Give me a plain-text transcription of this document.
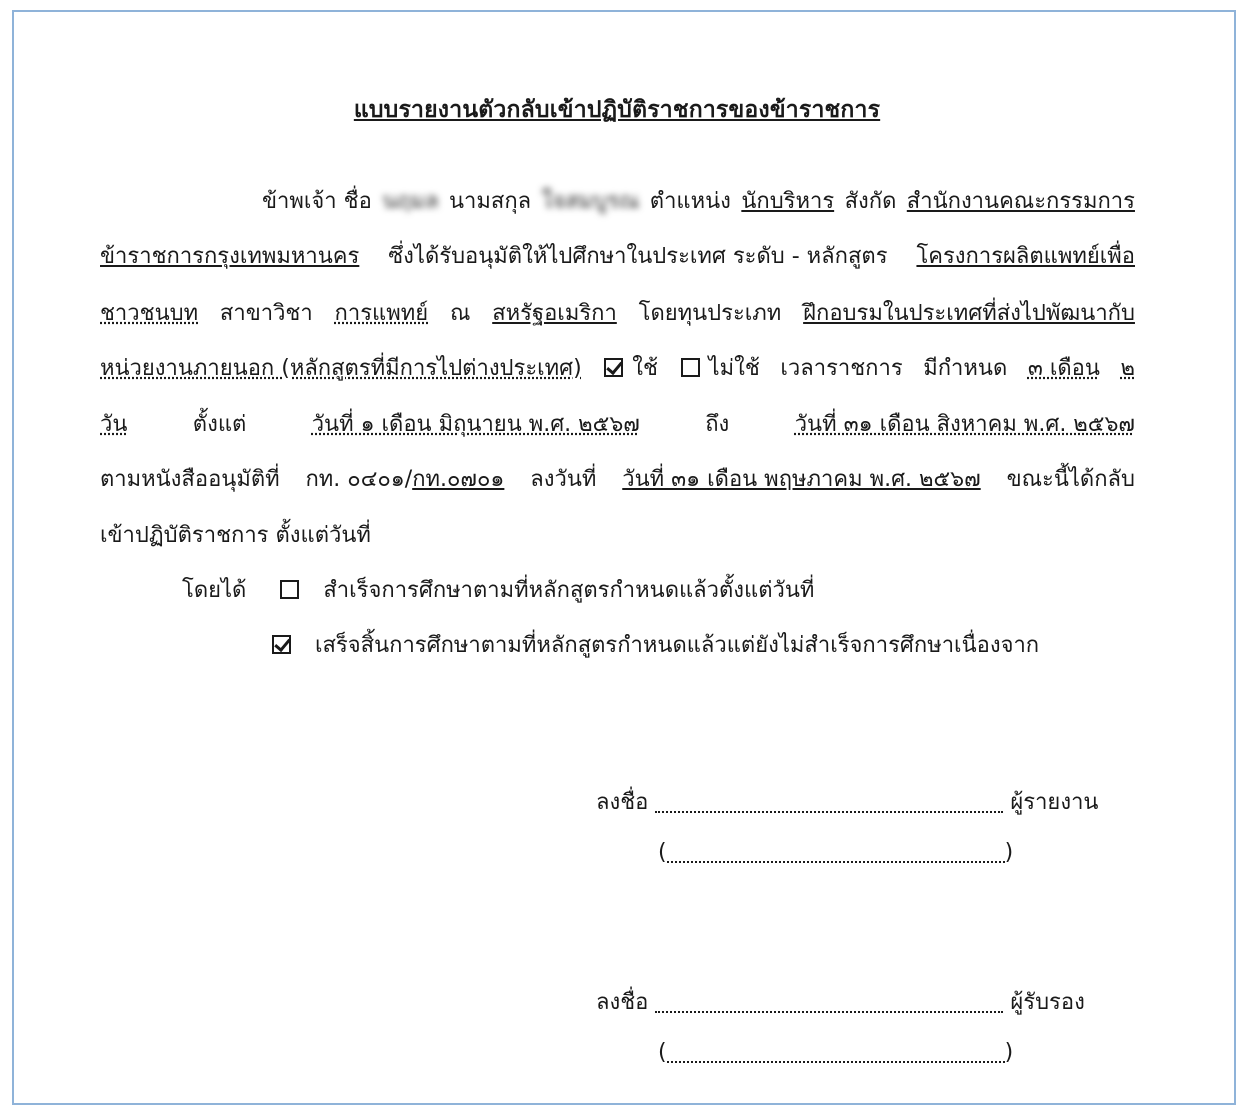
แบบรายงานตัวกลับเข้าปฏิบัติราชการของข้าราชการ
ข้าพเจ้า ชื่อ นฤมล นามสกุล ใจสมบูรณ ตำแหน่ง นักบริหาร สังกัด สำนักงานคณะกรรมการ
ข้าราชการกรุงเทพมหานคร ซึ่งได้รับอนุมัติให้ไปศึกษาในประเทศ ระดับ - หลักสูตร โครงการผลิตแพทย์เพื่อ
ชาวชนบท สาขาวิชา การแพทย์ ณ สหรัฐอเมริกา โดยทุนประเภท ฝึกอบรมในประเทศที่ส่งไปพัฒนากับ
หน่วยงานภายนอก (หลักสูตรที่มีการไปต่างประเทศ)	ใช้	ไม่ใช้ เวลาราชการ มีกำหนด ๓ เดือน ๒
วัน	ตั้งแต่	วันที่ ๑ เดือน มิถุนายน พ.ศ. ๒๕๖๗	ถึง	วันที่ ๓๑ เดือน สิงหาคม พ.ศ. ๒๕๖๗
ตามหนังสืออนุมัติที่ กท. ๐๔๐๑/กท.๐๗๐๑ ลงวันที่ วันที่ ๓๑ เดือน พฤษภาคม พ.ศ. ๒๕๖๗ ขณะนี้ได้กลับ
เข้าปฏิบัติราชการ ตั้งแต่วันที่
โดยได้	สำเร็จการศึกษาตามที่หลักสูตรกำหนดแล้วตั้งแต่วันที่
เสร็จสิ้นการศึกษาตามที่หลักสูตรกำหนดแล้วแต่ยังไม่สำเร็จการศึกษาเนื่องจาก
ลงชื่อ	ผู้รายงาน
(	)
ลงชื่อ	ผู้รับรอง
(	)
